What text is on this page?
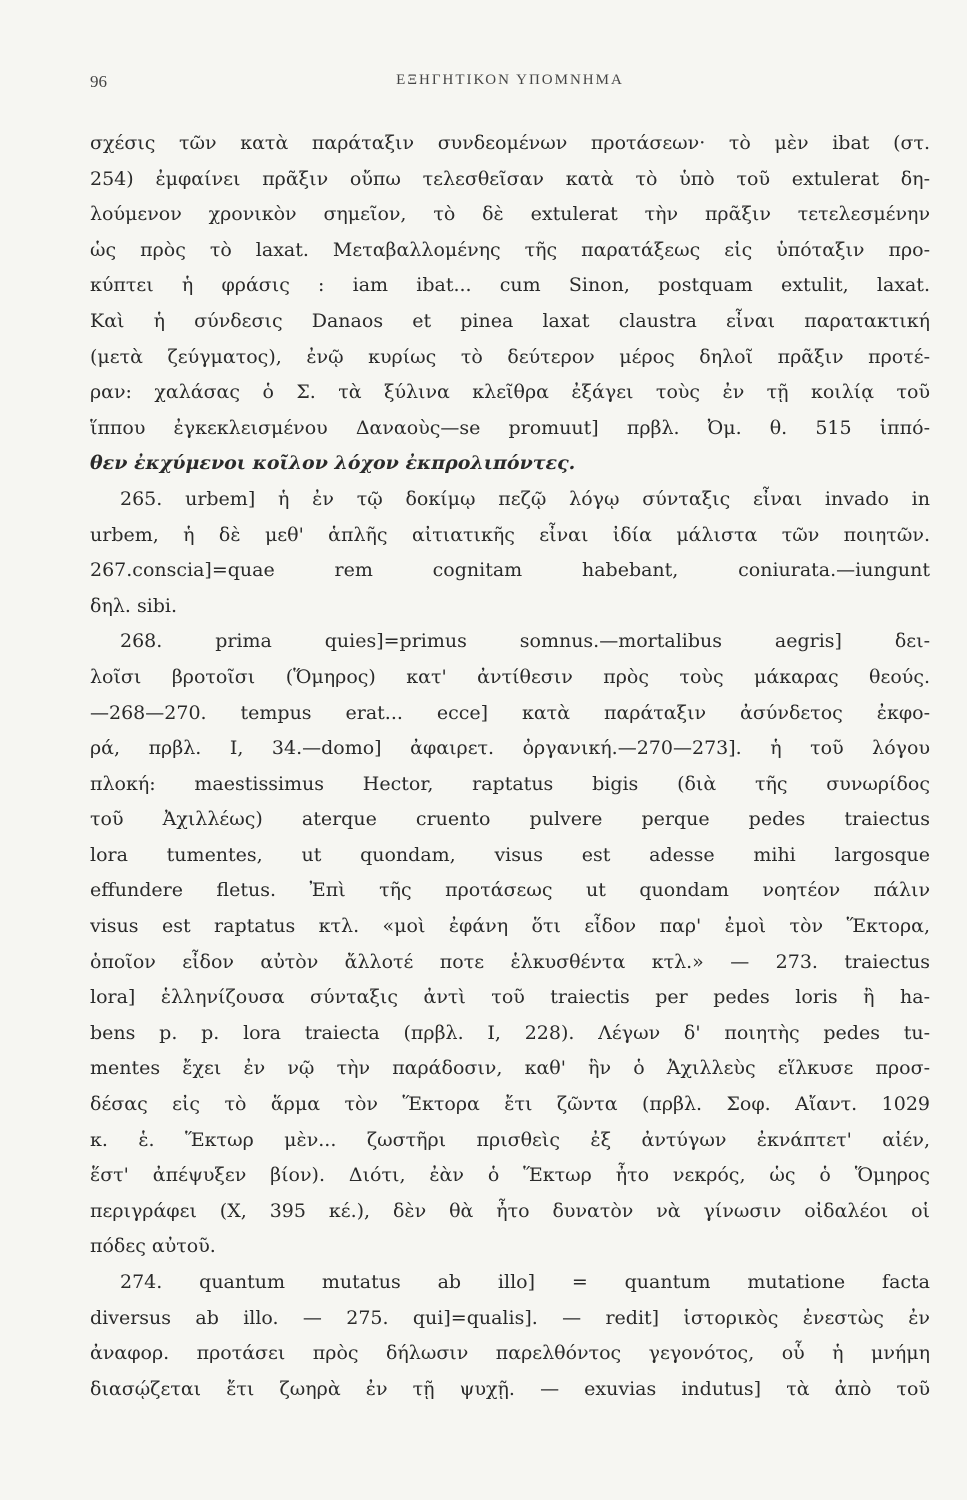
96	ΕΞΗΓΗΤΙΚΟΝ ΥΠΟΜΝΗΜΑ
σχέσις τῶν κατὰ παράταξιν συνδεομένων προτάσεων· τὸ μὲν ibat (στ.
254) ἐμφαίνει πρᾶξιν οὔπω τελεσθεῖσαν κατὰ τὸ ὑπὸ τοῦ extulerat δη-
λούμενον χρονικὸν σημεῖον, τὸ δὲ extulerat τὴν πρᾶξιν τετελεσμένην
ὡς πρὸς τὸ laxat. Μεταβαλλομένης τῆς παρατάξεως εἰς ὑπόταξιν προ-
κύπτει ἡ φράσις : iam ibat... cum Sinon, postquam extulit, laxat.
Καὶ ἡ σύνδεσις Danaos et pinea laxat claustra εἶναι παρατακτική
(μετὰ ζεύγματος), ἐνῷ κυρίως τὸ δεύτερον μέρος δηλοῖ πρᾶξιν προτέ-
ραν: χαλάσας ὁ Σ. τὰ ξύλινα κλεῖθρα ἐξάγει τοὺς ἐν τῇ κοιλίᾳ τοῦ
ἵππου ἐγκεκλεισμένου Δαναοὺς—se promuut] πρβλ. Ὀμ. θ. 515 ἱππό-
θεν ἐκχύμενοι κοῖλον λόχον ἐκπρολιπόντες.
265. urbem] ἡ ἐν τῷ δοκίμῳ πεζῷ λόγῳ σύνταξις εἶναι invado in
urbem, ἡ δὲ μεθ' ἁπλῆς αἰτιατικῆς εἶναι ἰδία μάλιστα τῶν ποιητῶν.
267.conscia]=quae rem cognitam habebant, coniurata.—iungunt
δηλ. sibi.
268. prima quies]=primus somnus.—mortalibus aegris] δει-
λοῖσι βροτοῖσι (Ὅμηρος) κατ' ἀντίθεσιν πρὸς τοὺς μάκαρας θεούς.
—268—270. tempus erat... ecce] κατὰ παράταξιν ἀσύνδετος ἐκφο-
ρά, πρβλ. I, 34.—domo] ἀφαιρετ. ὀργανική.—270—273]. ἡ τοῦ λόγου
πλοκή: maestissimus Hector, raptatus bigis (διὰ τῆς συνωρίδος
τοῦ Ἀχιλλέως) aterque cruento pulvere perque pedes traiectus
lora tumentes, ut quondam, visus est adesse mihi largosque
effundere fletus. Ἐπὶ τῆς προτάσεως ut quondam νοητέον πάλιν
visus est raptatus κτλ. «μοὶ ἐφάνη ὅτι εἶδον παρ' ἐμοὶ τὸν Ἕκτορα,
ὁποῖον εἶδον αὐτὸν ἄλλοτέ ποτε ἑλκυσθέντα κτλ.» — 273. traiectus
lora] ἑλληνίζουσα σύνταξις ἀντὶ τοῦ traiectis per pedes loris ἢ ha-
bens p. p. lora traiecta (πρβλ. I, 228). Λέγων δ' ποιητὴς pedes tu-
mentes ἔχει ἐν νῷ τὴν παράδοσιν, καθ' ἣν ὁ Ἀχιλλεὺς εἵλκυσε προσ-
δέσας εἰς τὸ ἅρμα τὸν Ἕκτορα ἔτι ζῶντα (πρβλ. Σοφ. Αἴαντ. 1029
κ. ἑ. Ἕκτωρ μὲν... ζωστῆρι πρισθεὶς ἐξ ἀντύγων ἐκνάπτετ' αἰέν,
ἕστ' ἀπέψυξεν βίον). Διότι, ἐὰν ὁ Ἕκτωρ ἦτο νεκρός, ὡς ὁ Ὅμηρος
περιγράφει (X, 395 κέ.), δὲν θὰ ἦτο δυνατὸν νὰ γίνωσιν οἰδαλέοι οἱ
πόδες αὐτοῦ.
274. quantum mutatus ab illo] = quantum mutatione facta
diversus ab illo. — 275. qui]=qualis]. — redit] ἱστορικὸς ἐνεστὼς ἐν
ἀναφορ. προτάσει πρὸς δήλωσιν παρελθόντος γεγονότος, οὗ ἡ μνήμη
διασῴζεται ἔτι ζωηρὰ ἐν τῇ ψυχῇ. — exuvias indutus] τὰ ἀπὸ τοῦ
